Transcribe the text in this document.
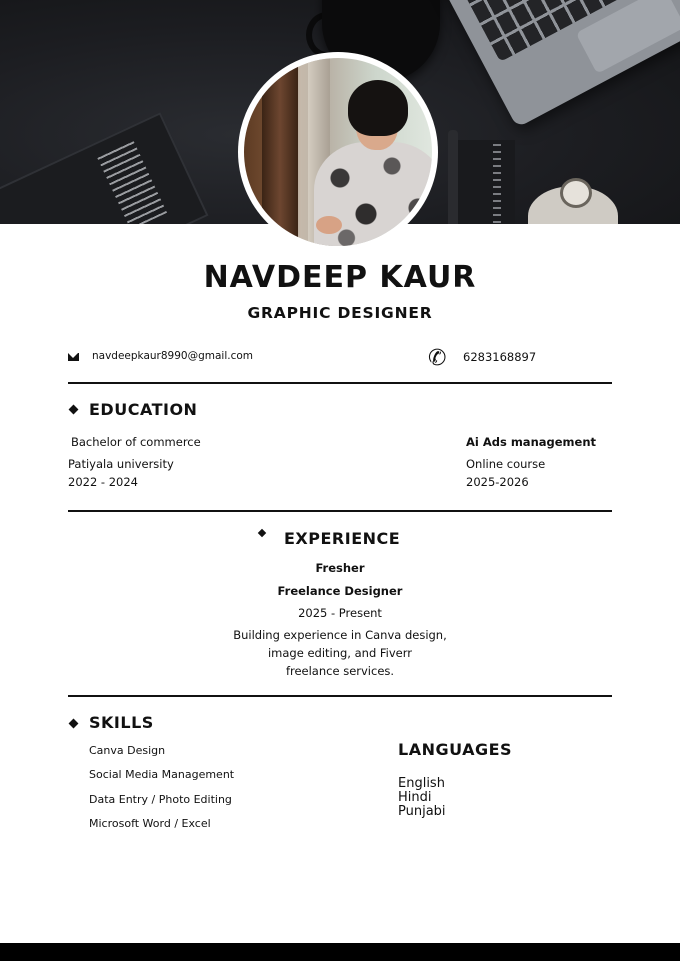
NAVDEEP KAUR
GRAPHIC DESIGNER
navdeepkaur8990@gmail.com	✆ 6283168897
EDUCATION
Bachelor of commerce
Patiyala university
2022 - 2024
Ai Ads management
Online course
2025-2026
EXPERIENCE
Fresher
Freelance Designer
2025 - Present
Building experience in Canva design,
image editing, and Fiverr
freelance services.
SKILLS
Canva Design
Social Media Management
Data Entry / Photo Editing
Microsoft Word / Excel
LANGUAGES
English
Hindi
Punjabi
